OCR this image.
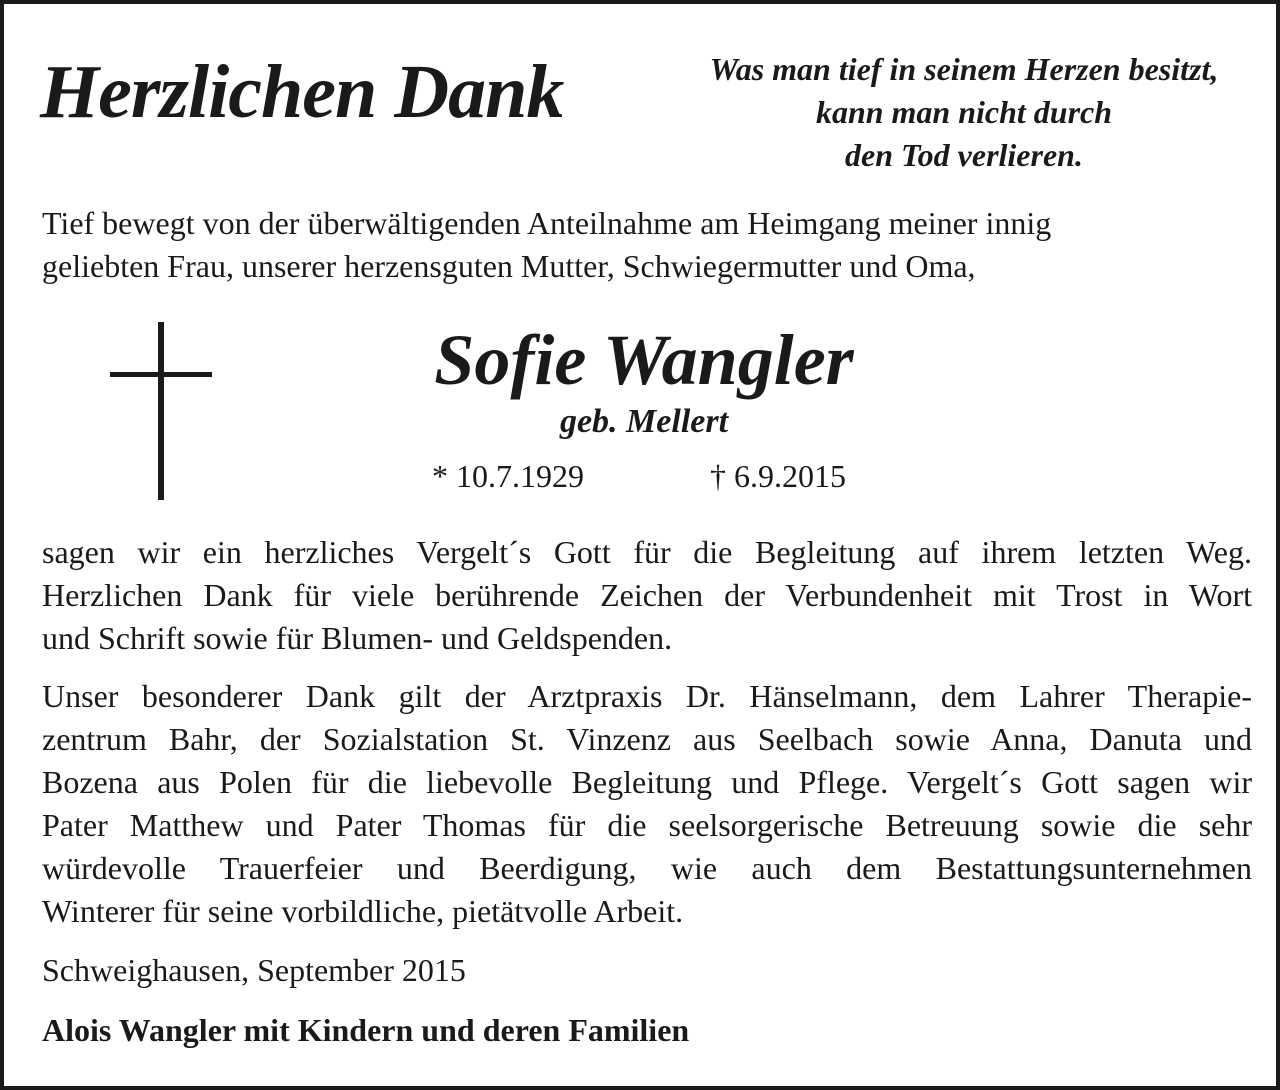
Herzlichen Dank	Was man tief in seinem Herzen besitzt,
kann man nicht durch
den Tod verlieren.
Tief bewegt von der überwältigenden Anteilnahme am Heimgang meiner innig
geliebten Frau, unserer herzensguten Mutter, Schwiegermutter und Oma,
Sofie Wangler
geb. Mellert
* 10.7.1929	† 6.9.2015
sagen wir ein herzliches Vergelt´s Gott für die Begleitung auf ihrem letzten Weg.
Herzlichen Dank für viele berührende Zeichen der Verbundenheit mit Trost in Wort
und Schrift sowie für Blumen- und Geldspenden.
Unser besonderer Dank gilt der Arztpraxis Dr. Hänselmann, dem Lahrer Therapie-
zentrum Bahr, der Sozialstation St. Vinzenz aus Seelbach sowie Anna, Danuta und
Bozena aus Polen für die liebevolle Begleitung und Pflege. Vergelt´s Gott sagen wir
Pater Matthew und Pater Thomas für die seelsorgerische Betreuung sowie die sehr
würdevolle Trauerfeier und Beerdigung, wie auch dem Bestattungsunternehmen
Winterer für seine vorbildliche, pietätvolle Arbeit.
Schweighausen, September 2015
Alois Wangler mit Kindern und deren Familien
